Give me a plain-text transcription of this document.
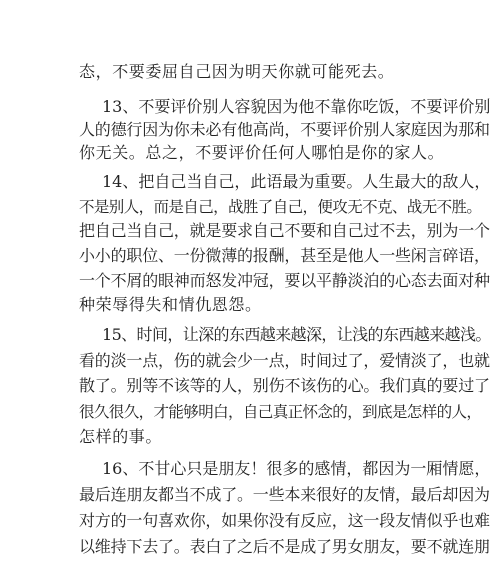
态，不要委屈自己因为明天你就可能死去。
13、不要评价别人容貌因为他不靠你吃饭，不要评价别
人的德行因为你未必有他高尚，不要评价别人家庭因为那和
你无关。总之，不要评价任何人哪怕是你的家人。
14、把自己当自己，此语最为重要。人生最大的敌人，
不是别人，而是自己，战胜了自己，便攻无不克、战无不胜。
把自己当自己，就是要求自己不要和自己过不去，别为一个
小小的职位、一份微薄的报酬，甚至是他人一些闲言碎语，
一个不屑的眼神而怒发冲冠，要以平静淡泊的心态去面对种
种荣辱得失和情仇恩怨。
15、时间，让深的东西越来越深，让浅的东西越来越浅。
看的淡一点，伤的就会少一点，时间过了，爱情淡了，也就
散了。别等不该等的人，别伤不该伤的心。我们真的要过了
很久很久，才能够明白，自己真正怀念的，到底是怎样的人，
怎样的事。
16、不甘心只是朋友！很多的感情，都因为一厢情愿，
最后连朋友都当不成了。一些本来很好的友情，最后却因为
对方的一句喜欢你，如果你没有反应，这一段友情似乎也难
以维持下去了。表白了之后不是成了男女朋友，要不就连朋
